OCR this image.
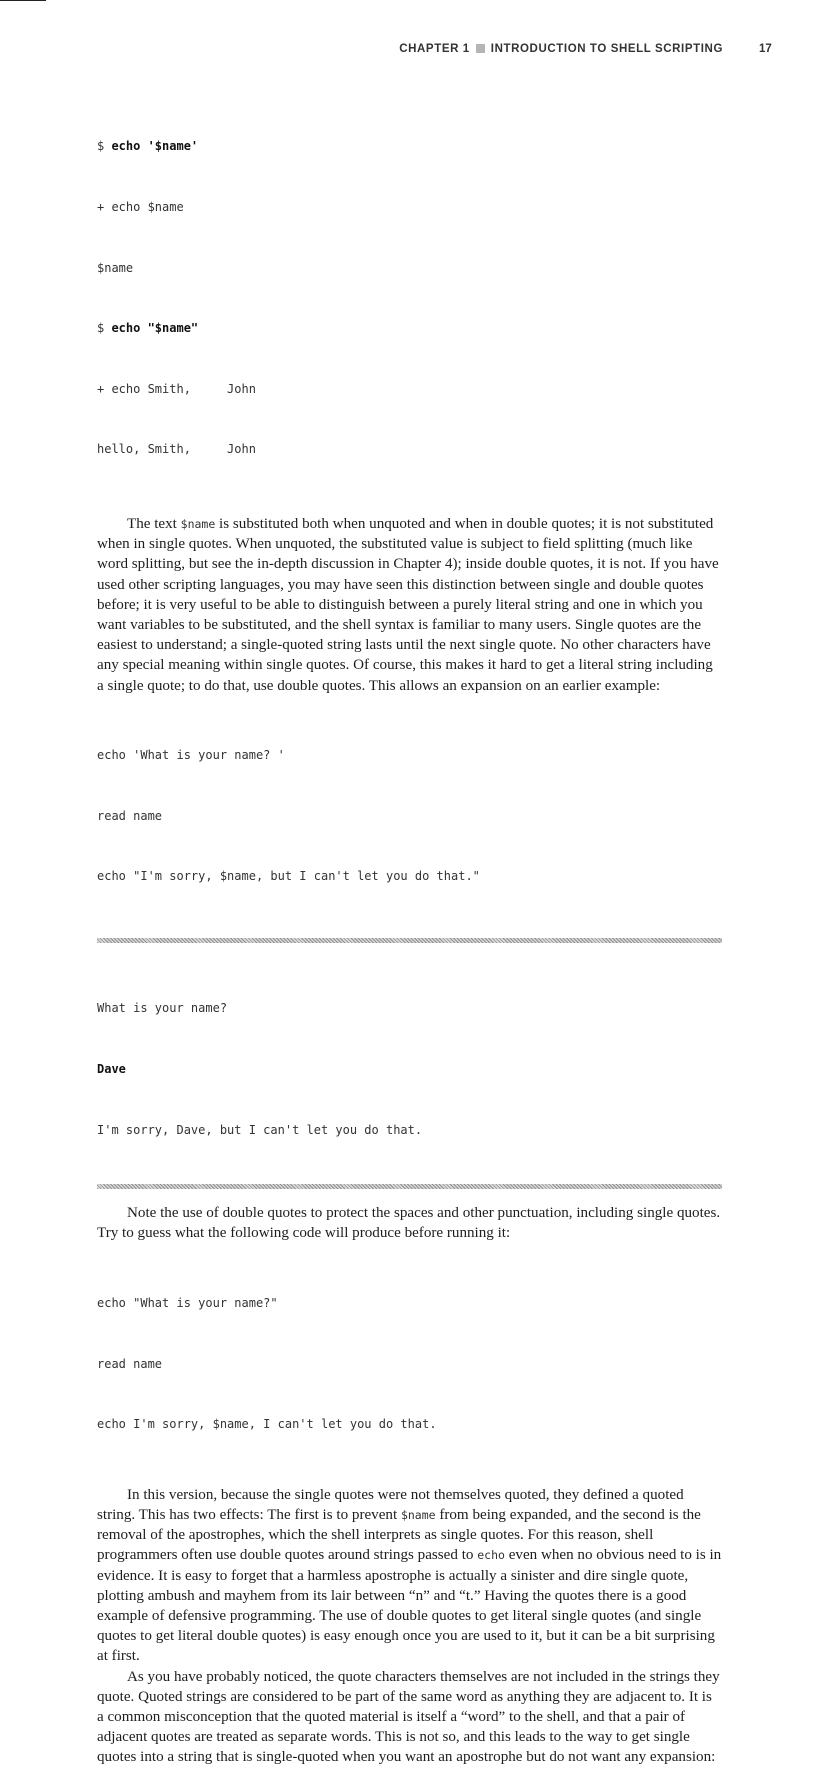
CHAPTER 1 INTRODUCTION TO SHELL SCRIPTING	17

$ echo '$name'

+ echo $name

$name

$ echo "$name"

+ echo Smith,     John

hello, Smith,     John

The text $name is substituted both when unquoted and when in double quotes; it is not substituted when in single quotes. When unquoted, the substituted value is subject to field splitting (much like word splitting, but see the in-depth discussion in Chapter 4); inside double quotes, it is not. If you have used other scripting languages, you may have seen this distinction between single and double quotes before; it is very useful to be able to distinguish between a purely literal string and one in which you want variables to be substituted, and the shell syntax is familiar to many users. Single quotes are the easiest to understand; a single-quoted string lasts until the next single quote. No other characters have any special meaning within single quotes. Of course, this makes it hard to get a literal string including a single quote; to do that, use double quotes. This allows an expansion on an earlier example:

echo 'What is your name? '

read name

echo "I'm sorry, $name, but I can't let you do that."

What is your name?

Dave

I'm sorry, Dave, but I can't let you do that.

Note the use of double quotes to protect the spaces and other punctuation, including single quotes. Try to guess what the following code will produce before running it:

echo "What is your name?"

read name

echo I'm sorry, $name, I can't let you do that.

In this version, because the single quotes were not themselves quoted, they defined a quoted string. This has two effects: The first is to prevent $name from being expanded, and the second is the removal of the apostrophes, which the shell interprets as single quotes. For this reason, shell programmers often use double quotes around strings passed to echo even when no obvious need to is in evidence. It is easy to forget that a harmless apostrophe is actually a sinister and dire single quote, plotting ambush and mayhem from its lair between “n” and “t.” Having the quotes there is a good example of defensive programming. The use of double quotes to get literal single quotes (and single quotes to get literal double quotes) is easy enough once you are used to it, but it can be a bit surprising at first.

As you have probably noticed, the quote characters themselves are not included in the strings they quote. Quoted strings are considered to be part of the same word as anything they are adjacent to. It is a common misconception that the quoted material is itself a “word” to the shell, and that a pair of adjacent quotes are treated as separate words. This is not so, and this leads to the way to get single quotes into a string that is single-quoted when you want an apostrophe but do not want any expansion:
